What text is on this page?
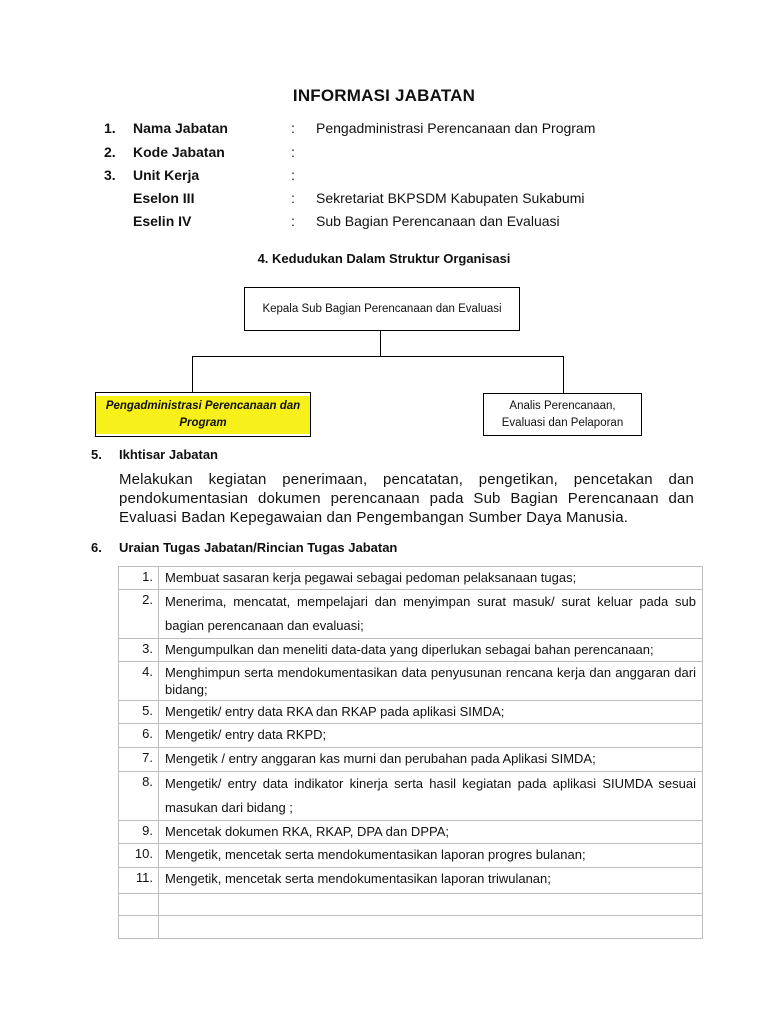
INFORMASI JABATAN
1. Nama Jabatan	: Pengadministrasi Perencanaan dan Program
2. Kode Jabatan	:
3. Unit Kerja	:
Eselon III	: Sekretariat BKPSDM Kabupaten Sukabumi
Eselin IV	: Sub Bagian Perencanaan dan Evaluasi
4. Kedudukan Dalam Struktur Organisasi
Kepala Sub Bagian Perencanaan dan Evaluasi
Pengadministrasi Perencanaan dan Program
Analis Perencanaan, Evaluasi dan Pelaporan
5. Ikhtisar Jabatan
Melakukan kegiatan penerimaan, pencatatan, pengetikan, pencetakan dan pendokumentasian dokumen perencanaan pada Sub Bagian Perencanaan dan Evaluasi Badan Kepegawaian dan Pengembangan Sumber Daya Manusia.
6. Uraian Tugas Jabatan/Rincian Tugas Jabatan
1.	Membuat sasaran kerja pegawai sebagai pedoman pelaksanaan tugas;
2.	Menerima, mencatat, mempelajari dan menyimpan surat masuk/ surat keluar pada sub bagian perencanaan dan evaluasi;
3.	Mengumpulkan dan meneliti data-data yang diperlukan sebagai bahan perencanaan;
4.	Menghimpun serta mendokumentasikan data penyusunan rencana kerja dan anggaran dari bidang;
5.	Mengetik/ entry data RKA dan RKAP pada aplikasi SIMDA;
6.	Mengetik/ entry data RKPD;
7.	Mengetik / entry anggaran kas murni dan perubahan pada Aplikasi SIMDA;
8.	Mengetik/ entry data indikator kinerja serta hasil kegiatan pada aplikasi SIUMDA sesuai masukan dari bidang ;
9.	Mencetak dokumen RKA, RKAP, DPA dan DPPA;
10.	Mengetik, mencetak serta mendokumentasikan laporan progres bulanan;
11.	Mengetik, mencetak serta mendokumentasikan laporan triwulanan;
